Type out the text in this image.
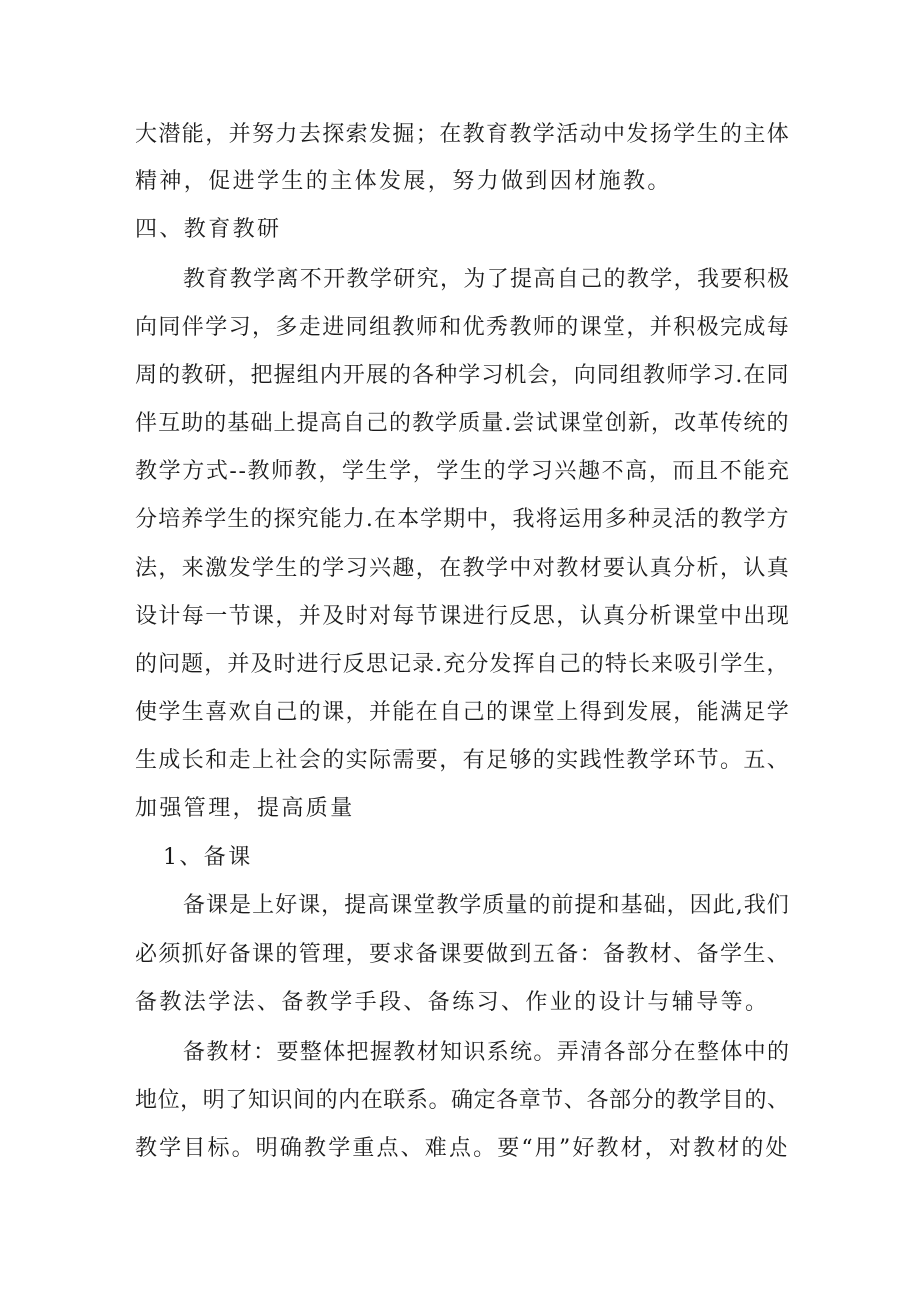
大潜能，并努力去探索发掘；在教育教学活动中发扬学生的主体
精神，促进学生的主体发展，努力做到因材施教。
四、教育教研
教育教学离不开教学研究，为了提高自己的教学，我要积极
向同伴学习，多走进同组教师和优秀教师的课堂，并积极完成每
周的教研，把握组内开展的各种学习机会，向同组教师学习.在同
伴互助的基础上提高自己的教学质量.尝试课堂创新，改革传统的
教学方式--教师教，学生学，学生的学习兴趣不高，而且不能充
分培养学生的探究能力.在本学期中，我将运用多种灵活的教学方
法，来激发学生的学习兴趣，在教学中对教材要认真分析，认真
设计每一节课，并及时对每节课进行反思，认真分析课堂中出现
的问题，并及时进行反思记录.充分发挥自己的特长来吸引学生，
使学生喜欢自己的课，并能在自己的课堂上得到发展，能满足学
生成长和走上社会的实际需要，有足够的实践性教学环节。五、
加强管理，提高质量
1、备课
备课是上好课，提高课堂教学质量的前提和基础，因此,我们
必须抓好备课的管理，要求备课要做到五备：备教材、备学生、
备教法学法、备教学手段、备练习、作业的设计与辅导等。
备教材：要整体把握教材知识系统。弄清各部分在整体中的
地位，明了知识间的内在联系。确定各章节、各部分的教学目的、
教学目标。明确教学重点、难点。要“用”好教材，对教材的处
